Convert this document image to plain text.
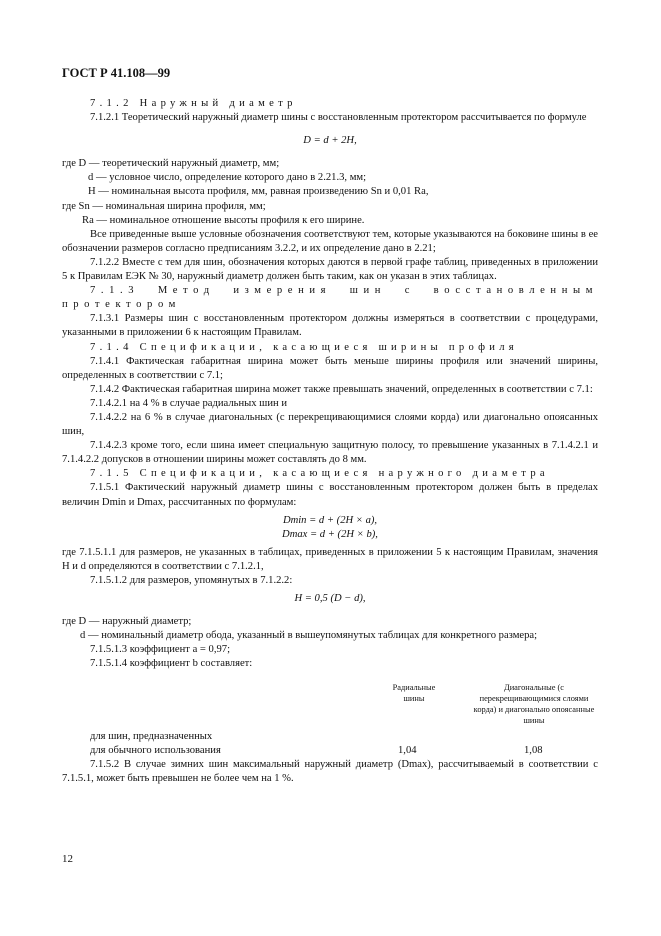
ГОСТ Р 41.108—99

7.1.2 Наружный диаметр

7.1.2.1 Теоретический наружный диаметр шины с восстановленным протектором рассчитывается по формуле

D = d + 2H,

где D — теоретический наружный диаметр, мм;

d — условное число, определение которого дано в 2.21.3, мм;

H — номинальная высота профиля, мм, равная произведению Sn и 0,01 Ra,

где Sn — номинальная ширина профиля, мм;

Ra — номинальное отношение высоты профиля к его ширине.

Все приведенные выше условные обозначения соответствуют тем, которые указываются на боковине шины в ее обозначении размеров согласно предписаниям 3.2.2, и их определение дано в 2.21;

7.1.2.2 Вместе с тем для шин, обозначения которых даются в первой графе таблиц, приведенных в приложении 5 к Правилам ЕЭК № 30, наружный диаметр должен быть таким, как он указан в этих таблицах.

7.1.3 Метод измерения шин с восстановленным протектором

7.1.3.1 Размеры шин с восстановленным протектором должны измеряться в соответствии с процедурами, указанными в приложении 6 к настоящим Правилам.

7.1.4 Спецификации, касающиеся ширины профиля

7.1.4.1 Фактическая габаритная ширина может быть меньше ширины профиля или значений ширины, определенных в соответствии с 7.1;

7.1.4.2 Фактическая габаритная ширина может также превышать значений, определенных в соответствии с 7.1:

7.1.4.2.1 на 4 % в случае радиальных шин и

7.1.4.2.2 на 6 % в случае диагональных (с перекрещивающимися слоями корда) или диагонально опоясанных шин,

7.1.4.2.3 кроме того, если шина имеет специальную защитную полосу, то превышение указанных в 7.1.4.2.1 и 7.1.4.2.2 допусков в отношении ширины может составлять до 8 мм.

7.1.5 Спецификации, касающиеся наружного диаметра

7.1.5.1 Фактический наружный диаметр шины с восстановленным протектором должен быть в пределах величин Dmin и Dmax, рассчитанных по формулам:

Dmin = d + (2H × a),

Dmax = d + (2H × b),

где 7.1.5.1.1 для размеров, не указанных в таблицах, приведенных в приложении 5 к настоящим Правилам, значения H и d определяются в соответствии с 7.1.2.1,

7.1.5.1.2 для размеров, упомянутых в 7.1.2.2:

H = 0,5 (D − d),

где D — наружный диаметр;

d — номинальный диаметр обода, указанный в вышеупомянутых таблицах для конкретного размера;

7.1.5.1.3 коэффициент a = 0,97;

7.1.5.1.4 коэффициент b составляет:

Радиальные шины
Диагональные (с перекрещивающимися слоями корда) и диагонально опоясанные шины
для шин, предназначенных
для обычного использования	1,04	1,08

7.1.5.2 В случае зимних шин максимальный наружный диаметр (Dmax), рассчитываемый в соответствии с 7.1.5.1, может быть превышен не более чем на 1 %.

12
